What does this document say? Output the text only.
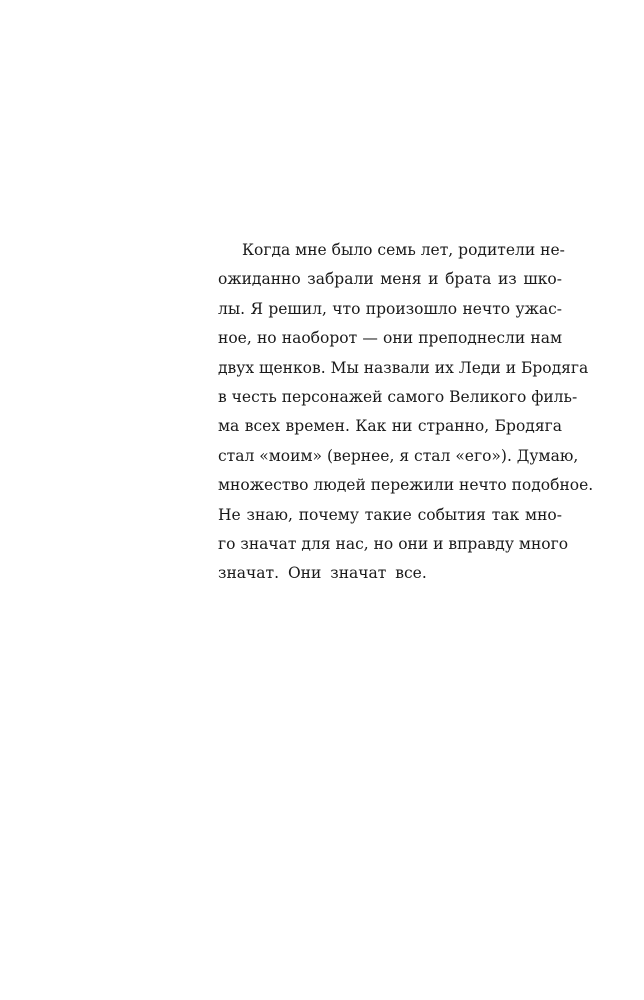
Когда мне было семь лет, родители не-
ожиданно забрали меня и брата из шко-
лы. Я решил, что произошло нечто ужас-
ное, но наоборот — они преподнесли нам
двух щенков. Мы назвали их Леди и Бродяга
в честь персонажей самого Великого филь-
ма всех времен. Как ни странно, Бродяга
стал «моим» (вернее, я стал «его»). Думаю,
множество людей пережили нечто подобное.
Не знаю, почему такие события так мно-
го значат для нас, но они и вправду много
значат. Они значат все.
